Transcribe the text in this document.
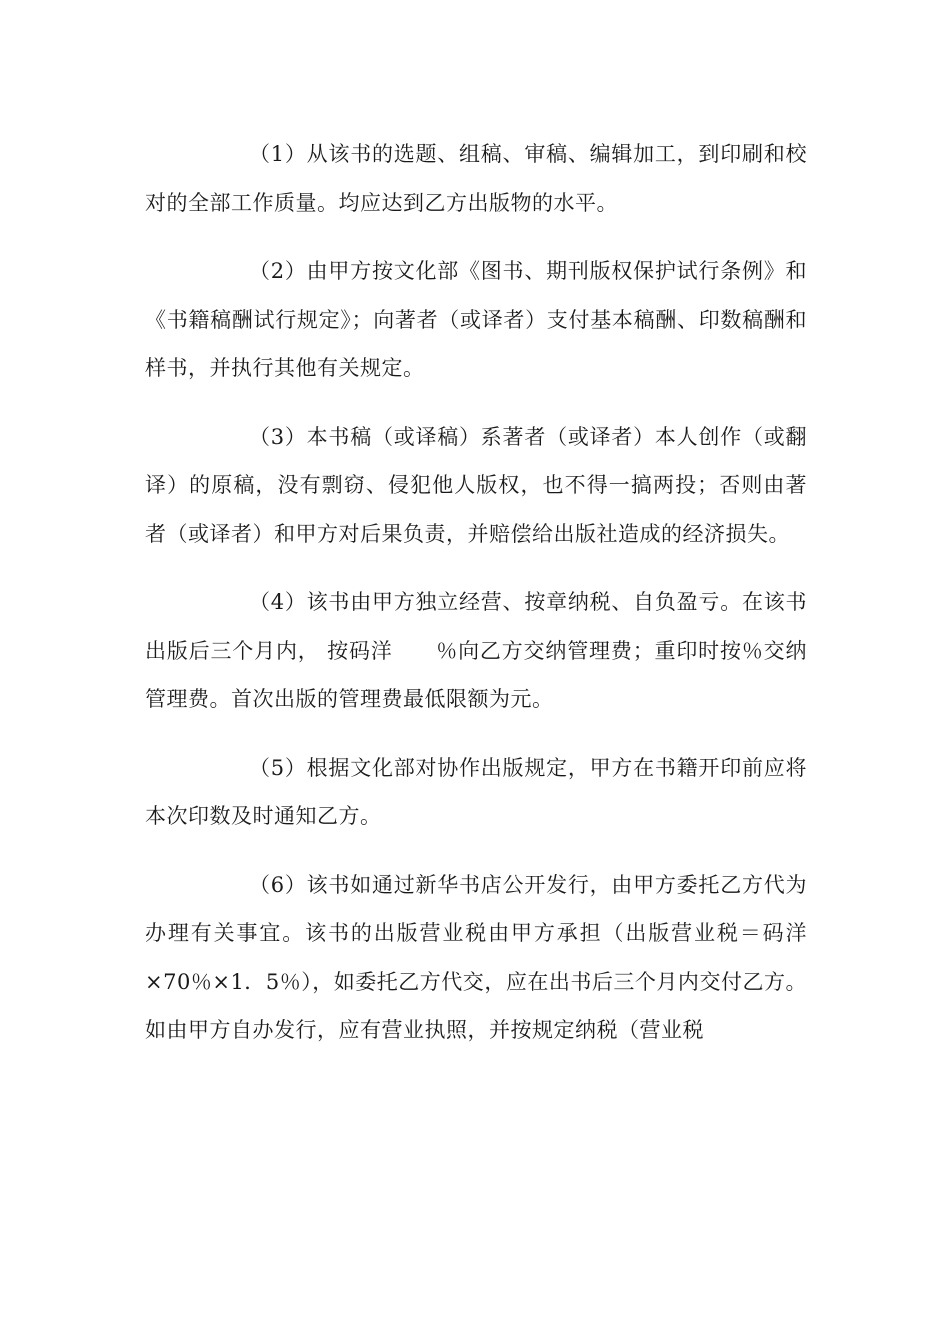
（1）从该书的选题、组稿、审稿、编辑加工，到印刷和校对的全部工作质量。均应达到乙方出版物的水平。

（2）由甲方按文化部《图书、期刊版权保护试行条例》和《书籍稿酬试行规定》；向著者（或译者）支付基本稿酬、印数稿酬和样书，并执行其他有关规定。

（3）本书稿（或译稿）系著者（或译者）本人创作（或翻译）的原稿，没有剽窃、侵犯他人版权，也不得一搞两投；否则由著者（或译者）和甲方对后果负责，并赔偿给出版社造成的经济损失。

（4）该书由甲方独立经营、按章纳税、自负盈亏。在该书出版后三个月内， 按码洋　　％向乙方交纳管理费；重印时按％交纳管理费。首次出版的管理费最低限额为元。

（5）根据文化部对协作出版规定，甲方在书籍开印前应将本次印数及时通知乙方。

（6）该书如通过新华书店公开发行，由甲方委托乙方代为办理有关事宜。该书的出版营业税由甲方承担（出版营业税＝码洋×70％×1．5％），如委托乙方代交，应在出书后三个月内交付乙方。如由甲方自办发行，应有营业执照，并按规定纳税（营业税
